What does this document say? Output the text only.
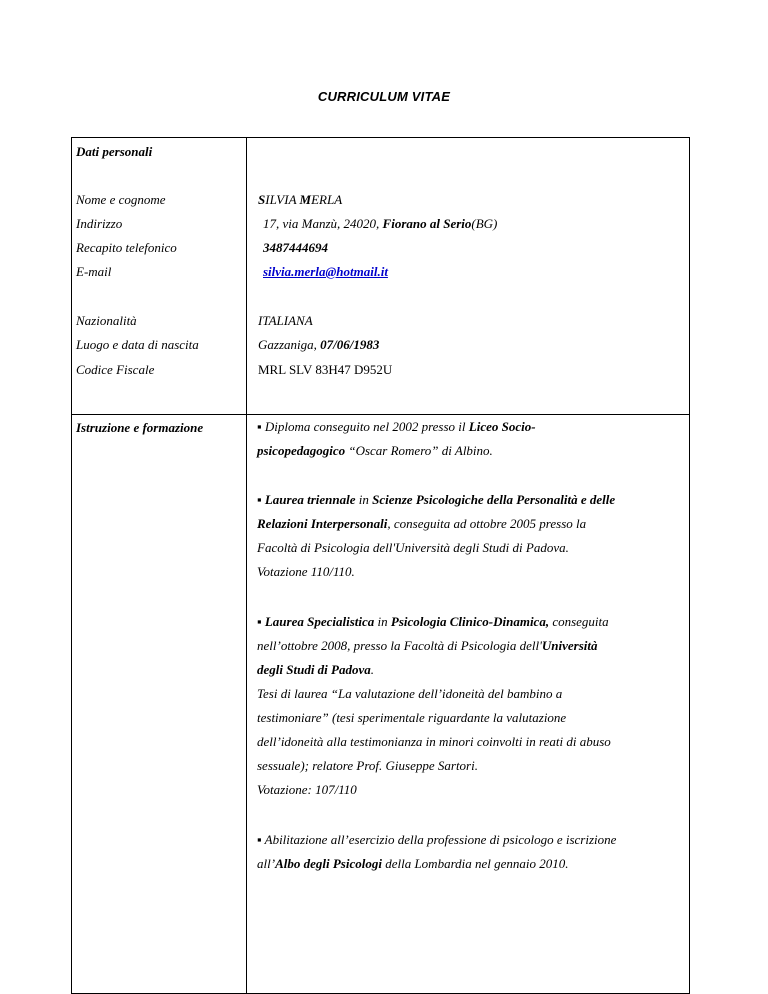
CURRICULUM VITAE
Dati personali
Nome e cognome	SILVIA MERLA
Indirizzo	17, via Manzù, 24020, Fiorano al Serio(BG)
Recapito telefonico	3487444694
E-mail	silvia.merla@hotmail.it
Nazionalità	ITALIANA
Luogo e data di nascita	Gazzaniga, 07/06/1983
Codice Fiscale	MRL SLV 83H47 D952U
Istruzione e formazione	▪ Diploma conseguito nel 2002 presso il Liceo Socio-
psicopedagogico “Oscar Romero” di Albino.
▪ Laurea triennale in Scienze Psicologiche della Personalità e delle
Relazioni Interpersonali, conseguita ad ottobre 2005 presso la
Facoltà di Psicologia dell'Università degli Studi di Padova.
Votazione 110/110.
▪ Laurea Specialistica in Psicologia Clinico-Dinamica, conseguita
nell’ottobre 2008, presso la Facoltà di Psicologia dell'Università
degli Studi di Padova.
Tesi di laurea “La valutazione dell’idoneità del bambino a
testimoniare” (tesi sperimentale riguardante la valutazione
dell’idoneità alla testimonianza in minori coinvolti in reati di abuso
sessuale); relatore Prof. Giuseppe Sartori.
Votazione: 107/110
▪ Abilitazione all’esercizio della professione di psicologo e iscrizione
all’Albo degli Psicologi della Lombardia nel gennaio 2010.
